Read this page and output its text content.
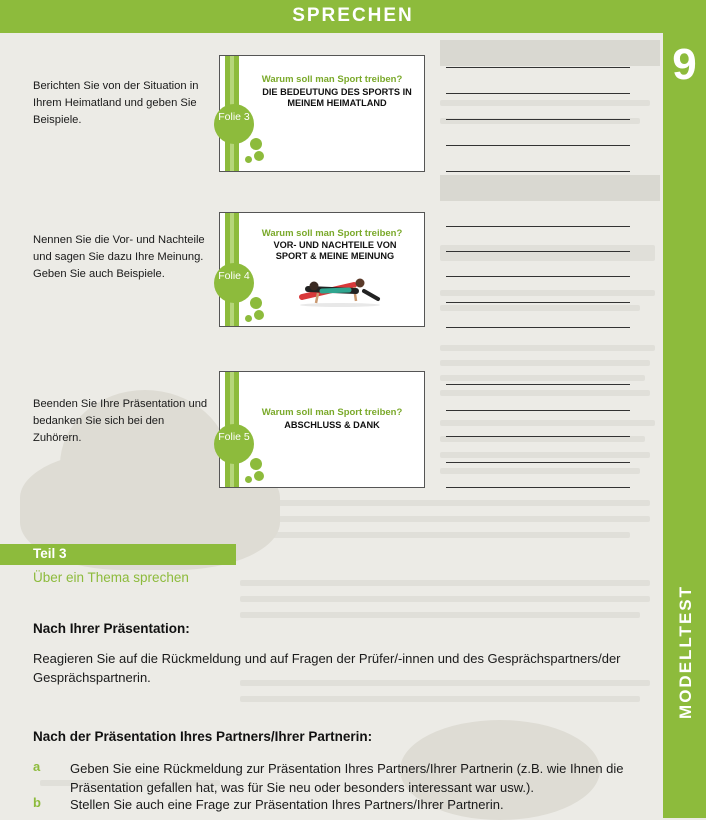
SPRECHEN
9
MODELLTEST
Berichten Sie von der Situation in Ihrem Heimatland und geben Sie Beispiele.	Folie 3
Warum soll man Sport treiben?
DIE BEDEUTUNG DES SPORTS IN MEINEM HEIMATLAND
Nennen Sie die Vor- und Nachteile und sagen Sie dazu Ihre Meinung. Geben Sie auch Beispiele.	Folie 4
Warum soll man Sport treiben?
VOR- UND NACHTEILE VON SPORT & MEINE MEINUNG
Beenden Sie Ihre Präsentation und bedanken Sie sich bei den Zuhörern.	Folie 5
Warum soll man Sport treiben?
ABSCHLUSS & DANK
Teil 3
Über ein Thema sprechen
Nach Ihrer Präsentation:
Reagieren Sie auf die Rückmeldung und auf Fragen der Prüfer/-innen und des Gesprächspartners/der Gesprächspartnerin.
Nach der Präsentation Ihres Partners/Ihrer Partnerin:
a Geben Sie eine Rückmeldung zur Präsentation Ihres Partners/Ihrer Partnerin (z.B. wie Ihnen die Präsentation gefallen hat, was für Sie neu oder besonders interessant war usw.).
b Stellen Sie auch eine Frage zur Präsentation Ihres Partners/Ihrer Partnerin.
